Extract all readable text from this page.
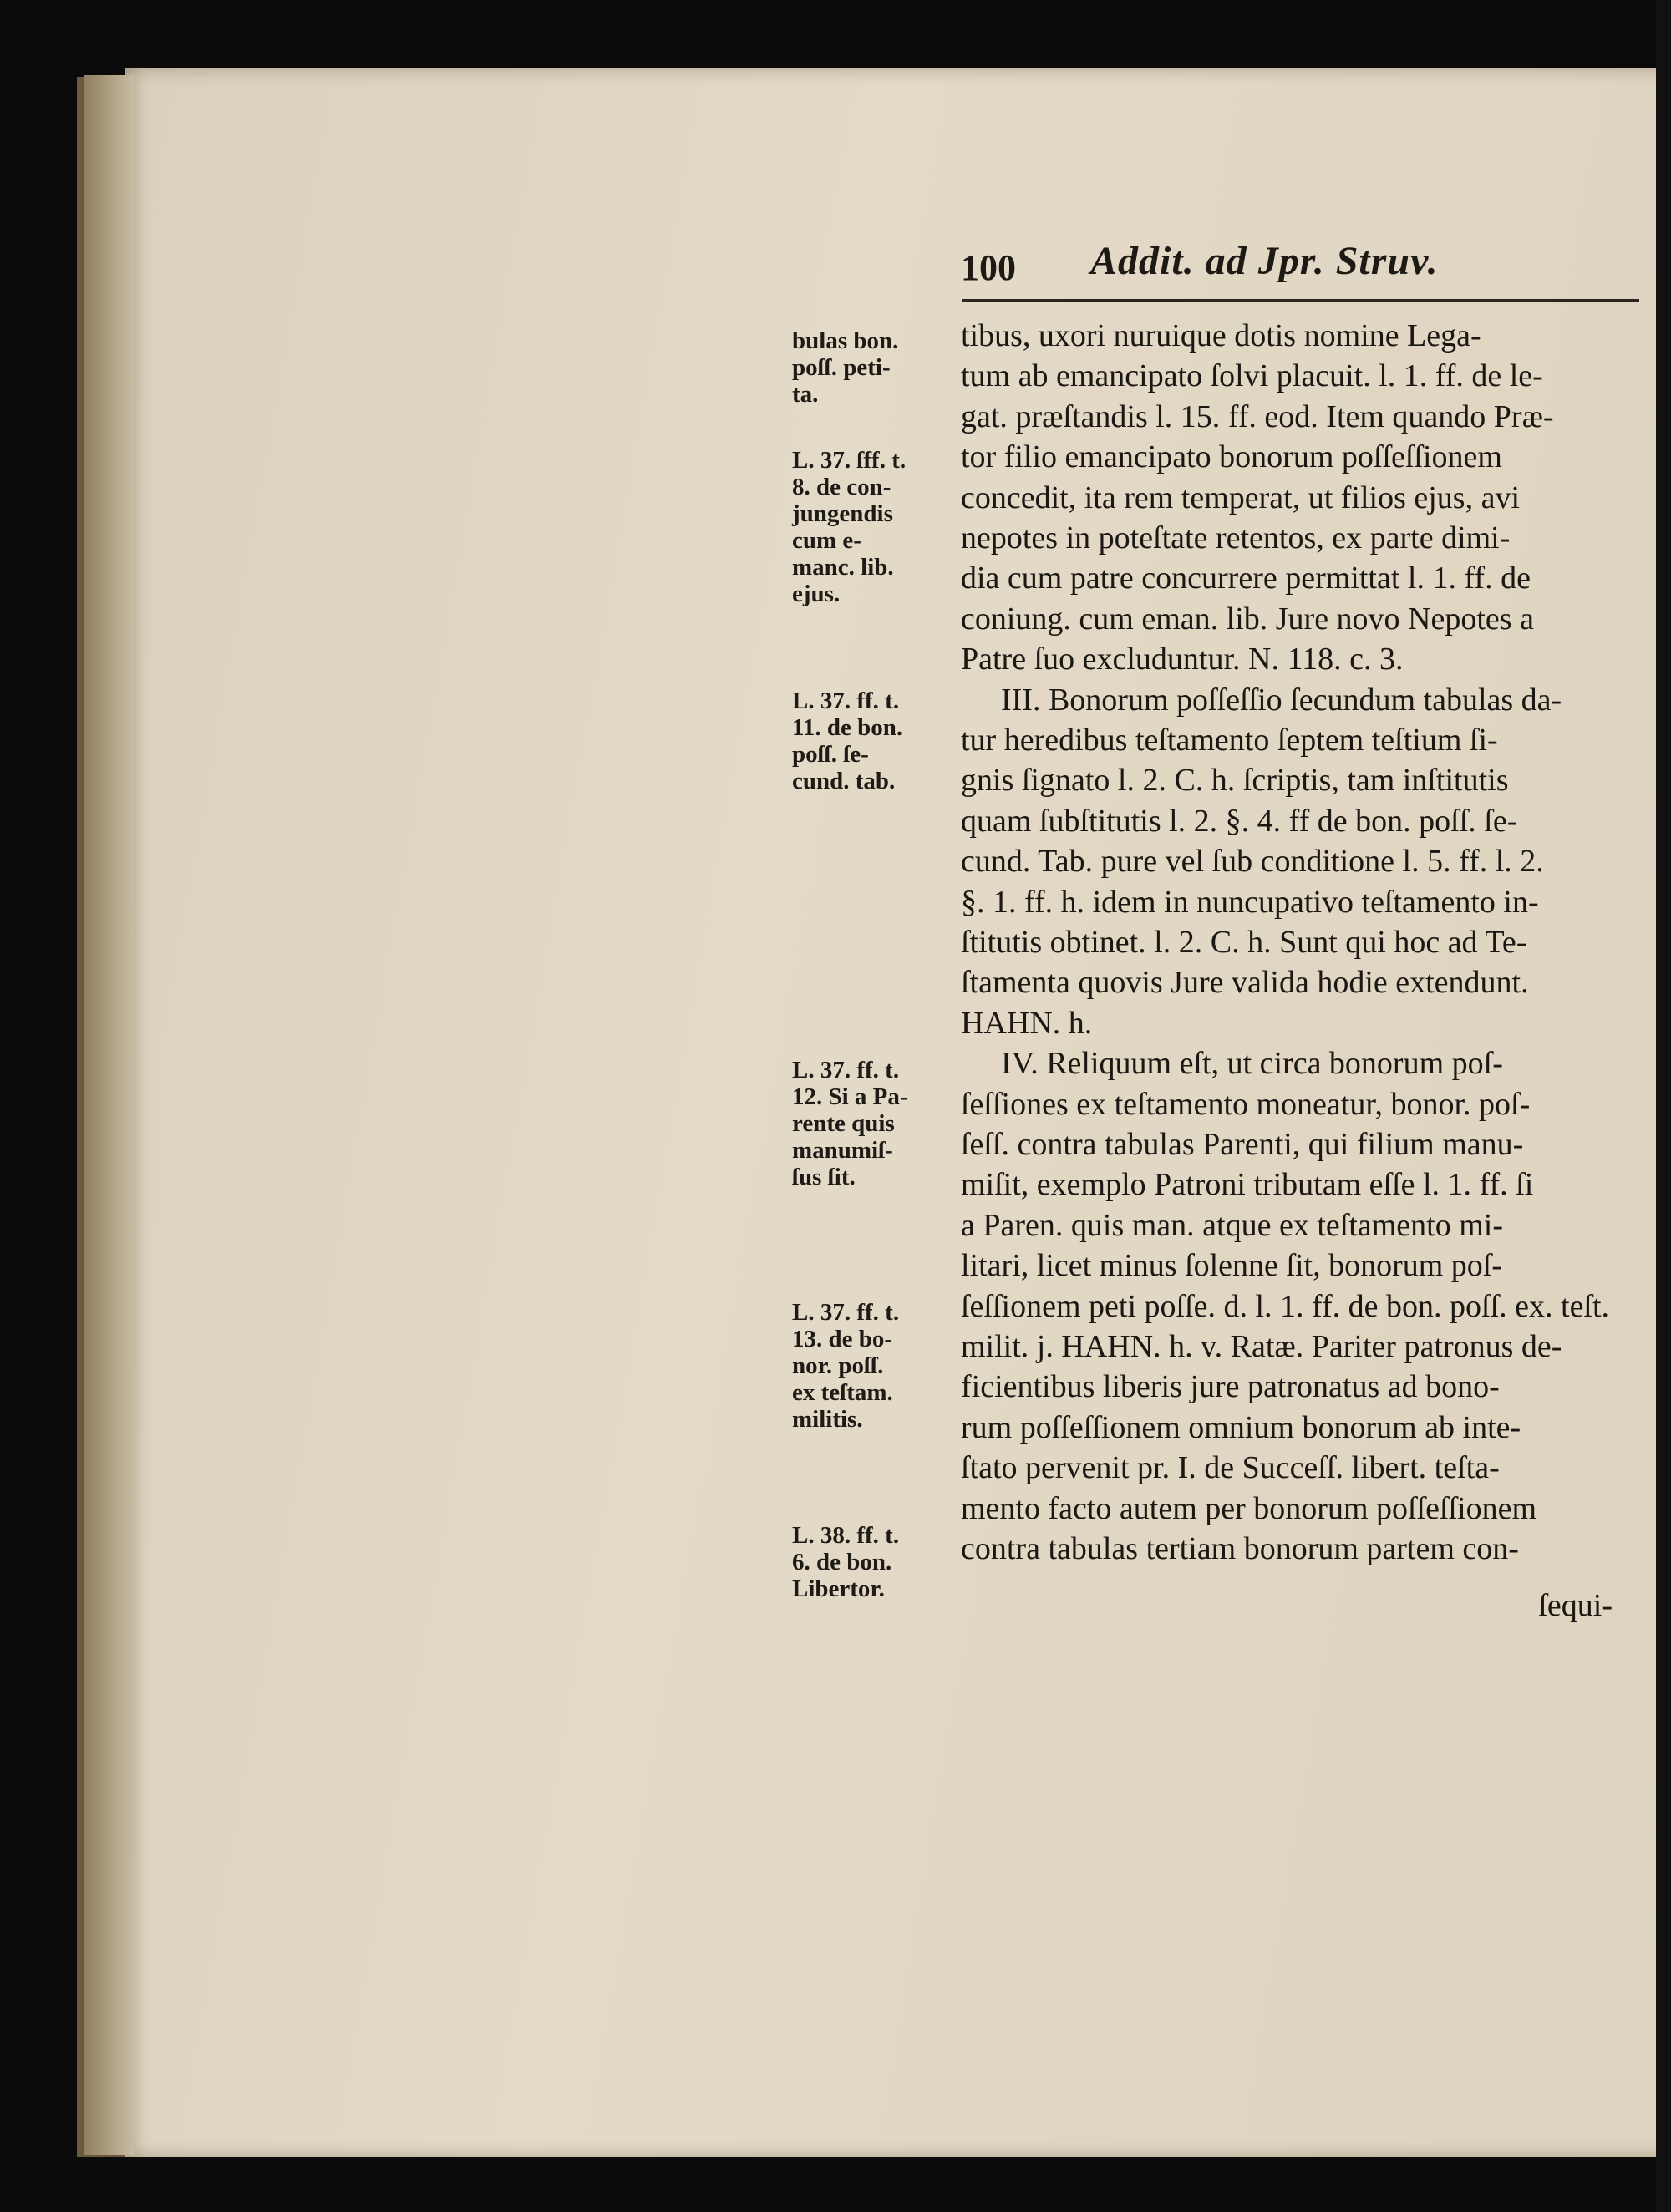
100 Addit. ad Jpr. Struv.
bulas bon.
poſſ. peti-
ta.
L. 37. ſff. t.
8. de con-
jungendis
cum e-
manc. lib.
ejus.
L. 37. ff. t.
11. de bon.
poſſ. ſe-
cund. tab.
L. 37. ff. t.
12. Si a Pa-
rente quis
manumiſ-
ſus ſit.
L. 37. ff. t.
13. de bo-
nor. poſſ.
ex teſtam.
militis.
L. 38. ff. t.
6. de bon.
Libertor.
tibus, uxori nuruique dotis nomine Lega-
tum ab emancipato ſolvi placuit. l. 1. ff. de le-
gat. præſtandis l. 15. ff. eod. Item quando Præ-
tor filio emancipato bonorum poſſeſſionem
concedit, ita rem temperat, ut filios ejus, avi
nepotes in poteſtate retentos, ex parte dimi-
dia cum patre concurrere permittat l. 1. ff. de
coniung. cum eman. lib. Jure novo Nepotes a
Patre ſuo excluduntur. N. 118. c. 3.
III. Bonorum poſſeſſio ſecundum tabulas da-
tur heredibus teſtamento ſeptem teſtium ſi-
gnis ſignato l. 2. C. h. ſcriptis, tam inſtitutis
quam ſubſtitutis l. 2. §. 4. ff de bon. poſſ. ſe-
cund. Tab. pure vel ſub conditione l. 5. ff. l. 2.
§. 1. ff. h. idem in nuncupativo teſtamento in-
ſtitutis obtinet. l. 2. C. h. Sunt qui hoc ad Te-
ſtamenta quovis Jure valida hodie extendunt.
HAHN. h.
IV. Reliquum eſt, ut circa bonorum poſ-
ſeſſiones ex teſtamento moneatur, bonor. poſ-
ſeſſ. contra tabulas Parenti, qui filium manu-
miſit, exemplo Patroni tributam eſſe l. 1. ff. ſi
a Paren. quis man. atque ex teſtamento mi-
litari, licet minus ſolenne ſit, bonorum poſ-
ſeſſionem peti poſſe. d. l. 1. ff. de bon. poſſ. ex. teſt.
milit. j. HAHN. h. v. Ratæ. Pariter patronus de-
ficientibus liberis jure patronatus ad bono-
rum poſſeſſionem omnium bonorum ab inte-
ſtato pervenit pr. I. de Succeſſ. libert. teſta-
mento facto autem per bonorum poſſeſſionem
contra tabulas tertiam bonorum partem con-
ſequi-
